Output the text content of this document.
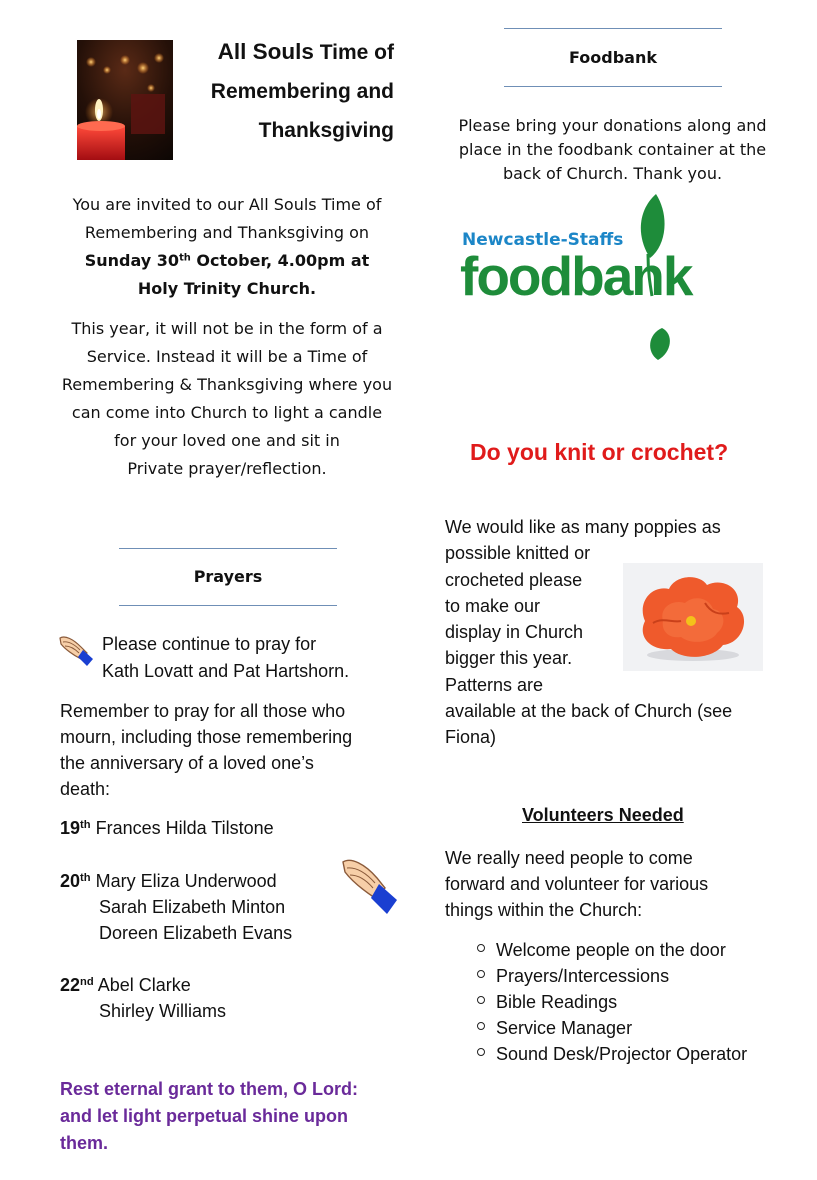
All Souls Time of
Remembering and
Thanksgiving
You are invited to our All Souls Time of
Remembering and Thanksgiving on
Sunday 30th October, 4.00pm at
Holy Trinity Church.
This year, it will not be in the form of a
Service. Instead it will be a Time of
Remembering & Thanksgiving where you
can come into Church to light a candle
for your loved one and sit in
Private prayer/reflection.
Prayers
Please continue to pray for
Kath Lovatt and Pat Hartshorn.
Remember to pray for all those who
mourn, including those remembering
the anniversary of a loved one’s
death:
19th Frances Hilda Tilstone
20th Mary Eliza Underwood
Sarah Elizabeth Minton
Doreen Elizabeth Evans
22nd Abel Clarke
Shirley Williams
Rest eternal grant to them, O Lord:
and let light perpetual shine upon
them.
Foodbank
Please bring your donations along and
place in the foodbank container at the
back of Church. Thank you.
Newcastle-Staffs
foodbank
Do you knit or crochet?
We would like as many poppies as
possible knitted or
crocheted please
to make our
display in Church
bigger this year.
Patterns are
available at the back of Church (see
Fiona)
Volunteers Needed
We really need people to come
forward and volunteer for various
things within the Church:
Welcome people on the door
Prayers/Intercessions
Bible Readings
Service Manager
Sound Desk/Projector Operator
